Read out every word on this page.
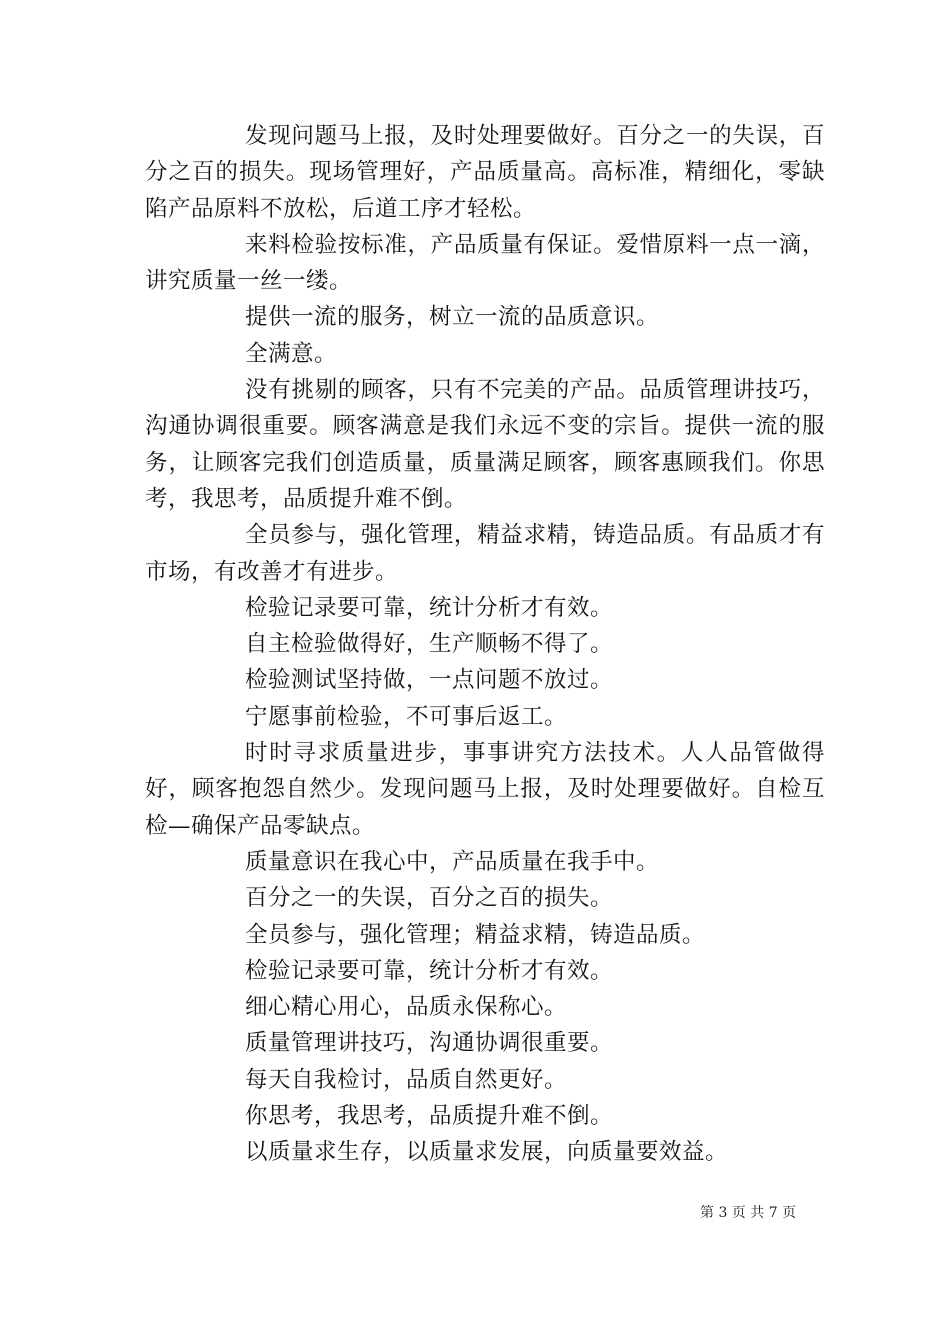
发现问题马上报，及时处理要做好。百分之一的失误，百分之百的损失。现场管理好，产品质量高。高标准，精细化，零缺陷产品原料不放松，后道工序才轻松。

来料检验按标准，产品质量有保证。爱惜原料一点一滴，讲究质量一丝一缕。

提供一流的服务，树立一流的品质意识。

全满意。

没有挑剔的顾客，只有不完美的产品。品质管理讲技巧，沟通协调很重要。顾客满意是我们永远不变的宗旨。提供一流的服务，让顾客完我们创造质量，质量满足顾客，顾客惠顾我们。你思考，我思考，品质提升难不倒。

全员参与，强化管理，精益求精，铸造品质。有品质才有市场，有改善才有进步。

检验记录要可靠，统计分析才有效。

自主检验做得好，生产顺畅不得了。

检验测试坚持做，一点问题不放过。

宁愿事前检验，不可事后返工。

时时寻求质量进步，事事讲究方法技术。人人品管做得好，顾客抱怨自然少。发现问题马上报，及时处理要做好。自检互检—确保产品零缺点。

质量意识在我心中，产品质量在我手中。

百分之一的失误，百分之百的损失。

全员参与，强化管理；精益求精，铸造品质。

检验记录要可靠，统计分析才有效。

细心精心用心，品质永保称心。

质量管理讲技巧，沟通协调很重要。

每天自我检讨，品质自然更好。

你思考，我思考，品质提升难不倒。

以质量求生存，以质量求发展，向质量要效益。

第 3 页 共 7 页
